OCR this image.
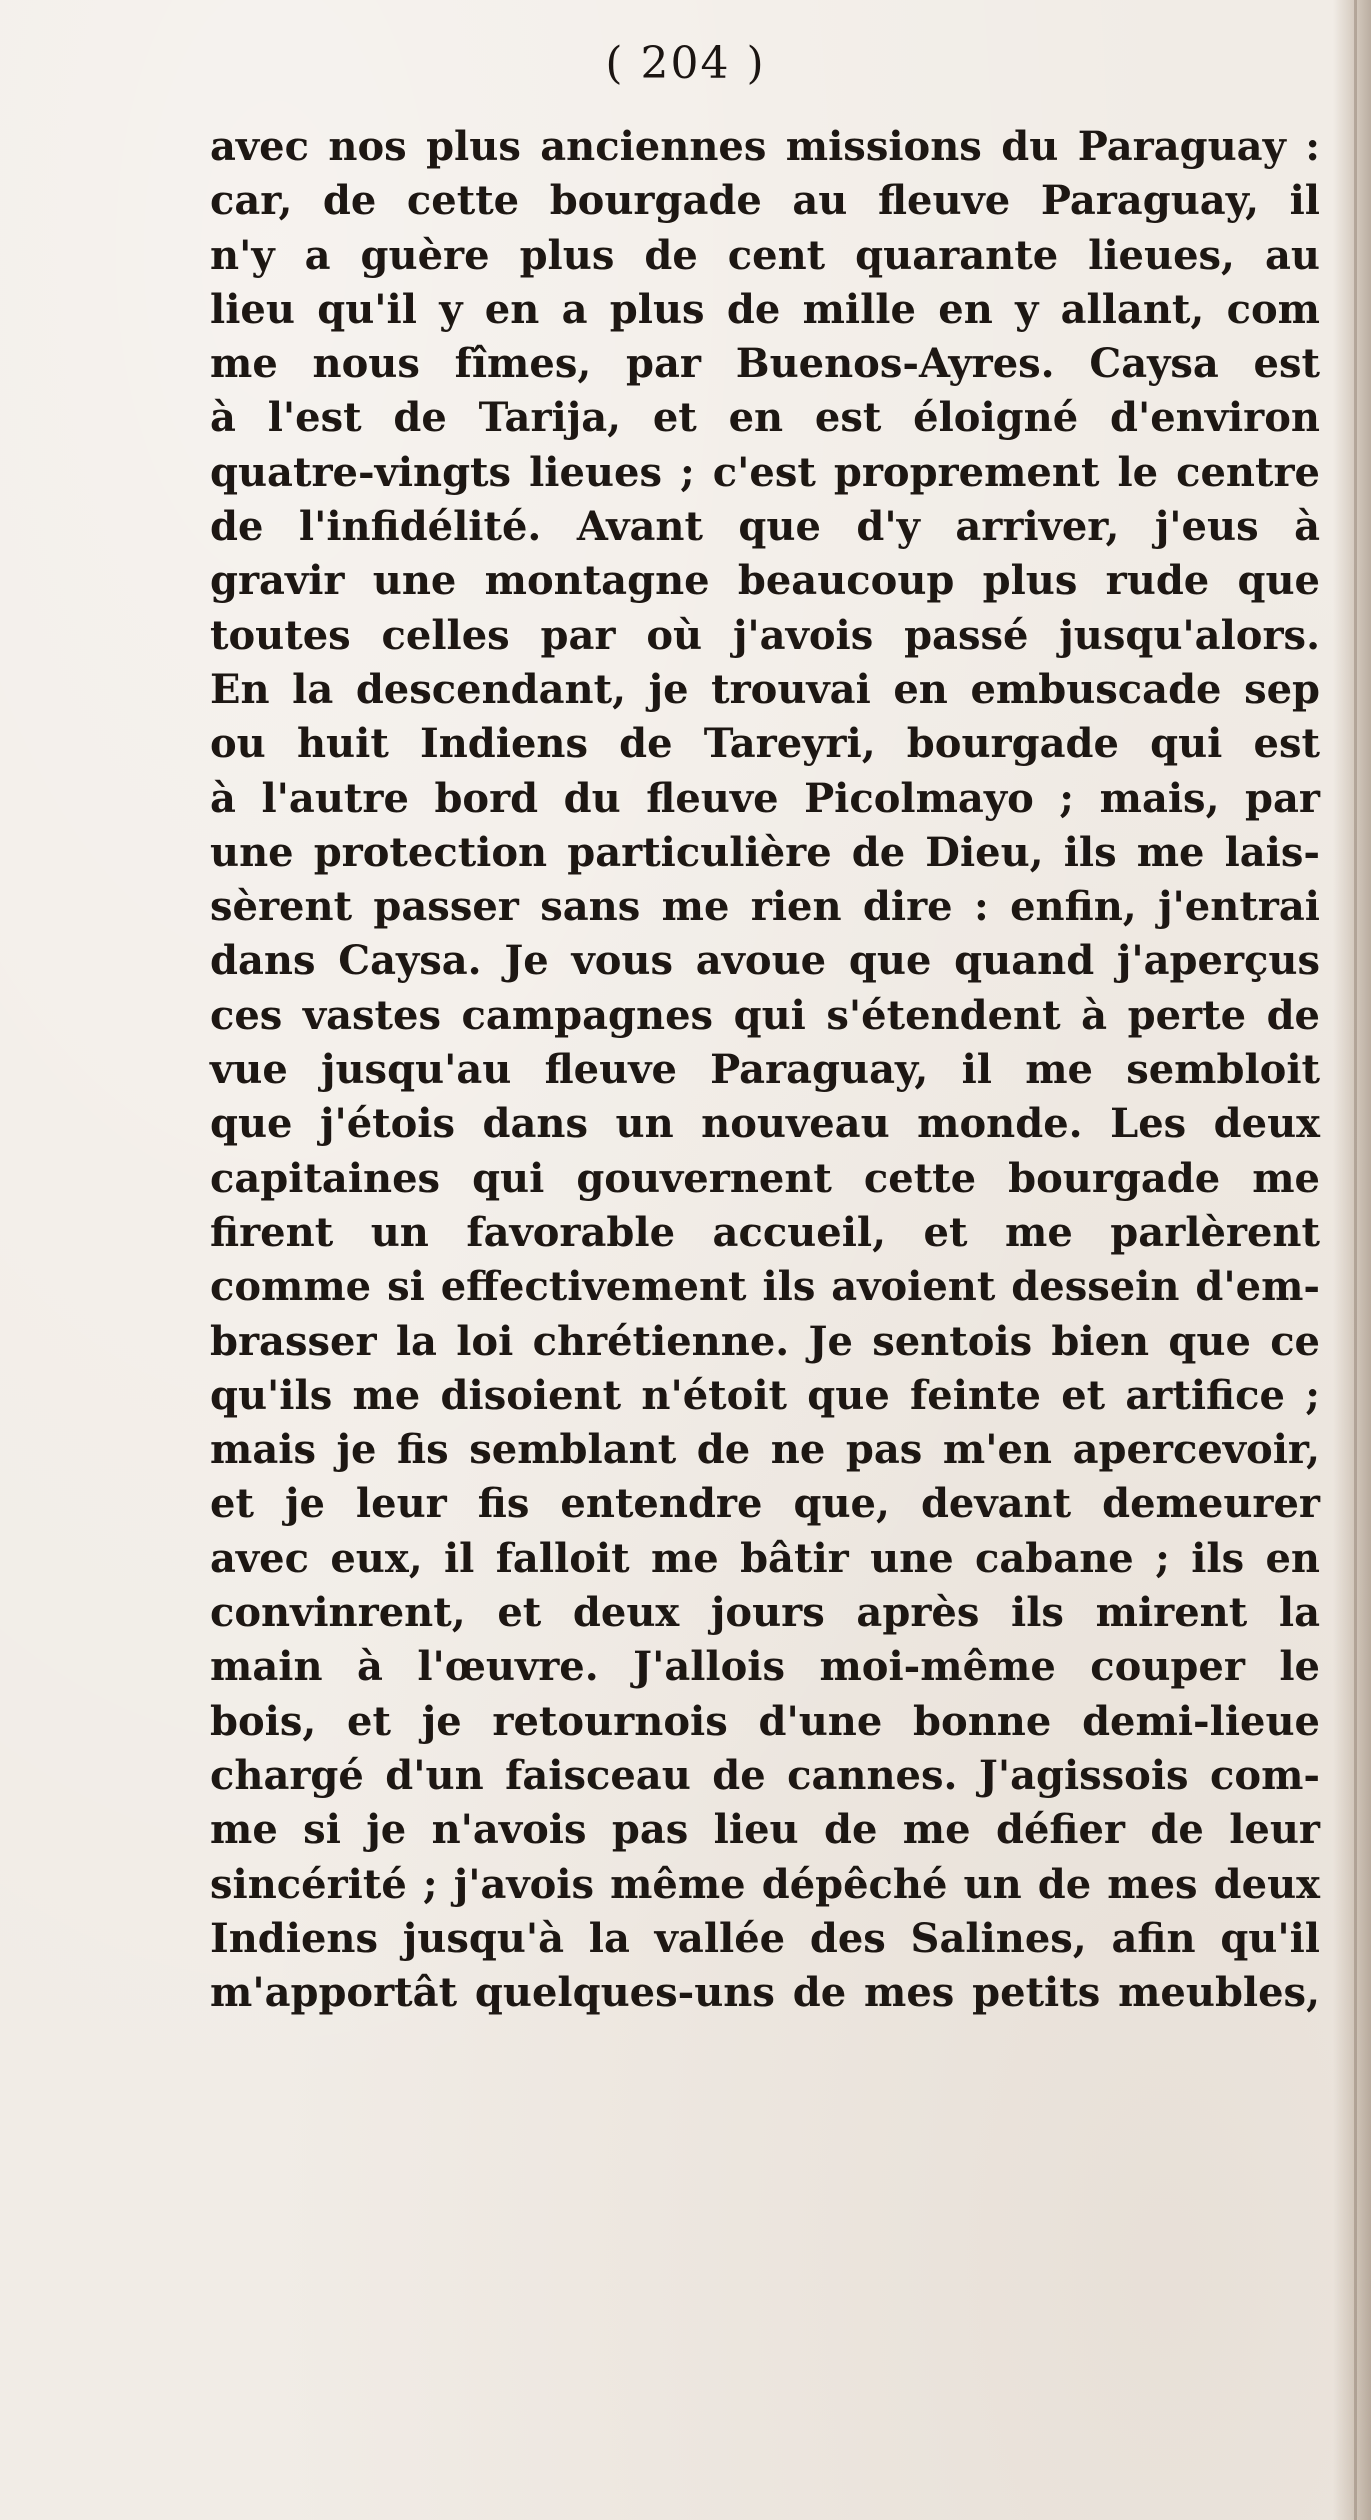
( 204 )
avec nos plus anciennes missions du Paraguay :
car, de cette bourgade au fleuve Paraguay, il
n'y a guère plus de cent quarante lieues, au
lieu qu'il y en a plus de mille en y allant, com
me nous fîmes, par Buenos-Ayres. Caysa est
à l'est de Tarija, et en est éloigné d'environ
quatre-vingts lieues ; c'est proprement le centre
de l'infidélité. Avant que d'y arriver, j'eus à
gravir une montagne beaucoup plus rude que
toutes celles par où j'avois passé jusqu'alors.
En la descendant, je trouvai en embuscade sep
ou huit Indiens de Tareyri, bourgade qui est
à l'autre bord du fleuve Picolmayo ; mais, par
une protection particulière de Dieu, ils me lais-
sèrent passer sans me rien dire : enfin, j'entrai
dans Caysa. Je vous avoue que quand j'aperçus
ces vastes campagnes qui s'étendent à perte de
vue jusqu'au fleuve Paraguay, il me sembloit
que j'étois dans un nouveau monde. Les deux
capitaines qui gouvernent cette bourgade me
firent un favorable accueil, et me parlèrent
comme si effectivement ils avoient dessein d'em-
brasser la loi chrétienne. Je sentois bien que ce
qu'ils me disoient n'étoit que feinte et artifice ;
mais je fis semblant de ne pas m'en apercevoir,
et je leur fis entendre que, devant demeurer
avec eux, il falloit me bâtir une cabane ; ils en
convinrent, et deux jours après ils mirent la
main à l'œuvre. J'allois moi-même couper le
bois, et je retournois d'une bonne demi-lieue
chargé d'un faisceau de cannes. J'agissois com-
me si je n'avois pas lieu de me défier de leur
sincérité ; j'avois même dépêché un de mes deux
Indiens jusqu'à la vallée des Salines, afin qu'il
m'apportât quelques-uns de mes petits meubles,
